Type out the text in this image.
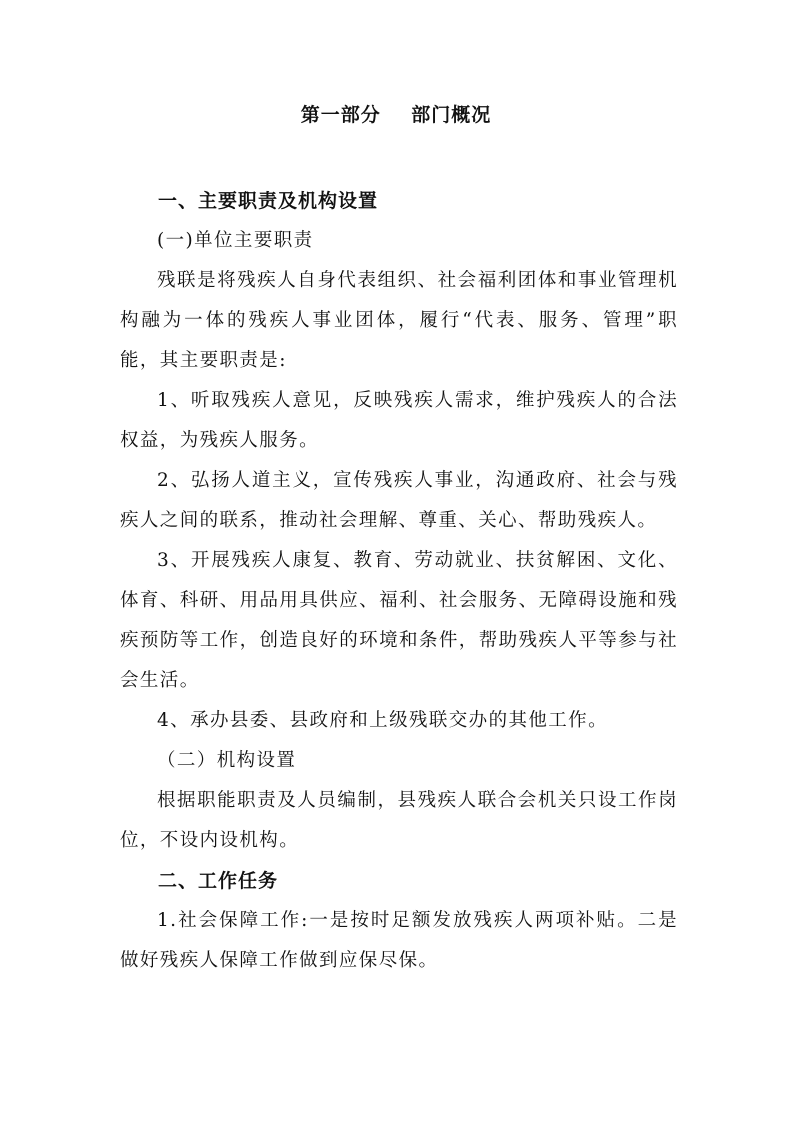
第一部分    部门概况

一、主要职责及机构设置

(一)单位主要职责

残联是将残疾人自身代表组织、社会福利团体和事业管理机构融为一体的残疾人事业团体，履行“代表、服务、管理”职能，其主要职责是:

1、听取残疾人意见，反映残疾人需求，维护残疾人的合法权益，为残疾人服务。

2、弘扬人道主义，宣传残疾人事业，沟通政府、社会与残疾人之间的联系，推动社会理解、尊重、关心、帮助残疾人。

3、开展残疾人康复、教育、劳动就业、扶贫解困、文化、体育、科研、用品用具供应、福利、社会服务、无障碍设施和残疾预防等工作，创造良好的环境和条件，帮助残疾人平等参与社会生活。

4、承办县委、县政府和上级残联交办的其他工作。

（二）机构设置

根据职能职责及人员编制，县残疾人联合会机关只设工作岗位，不设内设机构。

二、工作任务

1.社会保障工作:一是按时足额发放残疾人两项补贴。二是做好残疾人保障工作做到应保尽保。
